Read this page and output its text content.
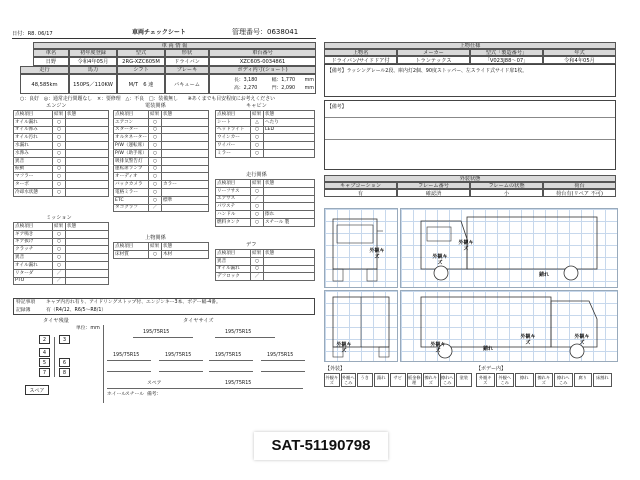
日付：R8. 06/17	車両チェックシート	管理番号：0638041
車 両 情 報
車名	初年度登録	型式	形状	車台番号
日野	令和4年05月	2RG-XZC605M	ドライバン	XZC605-0034861
走行	馬力	シフト	ブレーキ	ボディ内寸(ショート)
48,585km	150PS／110KW	M/T　6 速	バキューム
長：3,180　　　幅：1,770　　mm
高：2,270　　　門：2,090　　mm
○：良好　◎：通常走行問題なし　×：要修理　△：不良　□：装備無し　　※あくまでも目安程度にお考えください
エンジン
点検項目	結果	状態
オイル漏れ	○	
オイル滲み	○	
オイル汚れ	○	
水漏れ	○	
水滲み	○	
異音	○	
振動	○	
マフラー	○	
ターボ	○	
冷却水状態	○	
ミッション
点検項目	結果	状態
ギア鳴き	○	
ギア抜け	○	
クラッチ	○	
異音	○	
オイル漏れ	○	
リターダ	／	
PTO	／	
電装関係
点検項目	結果	状態
エアコン	○	
スターター	○	
オルタネーター	○	
P/W（運転席）	○	
P/W（助手席）	○	
吸排気警告灯	○	
運転席ランプ	○	
オーディオ	○	
バックカメラ	○	カラー
電格ミラー	○	
ETC	○	標準
タコグラフ	／	
上物関係
点検項目	結果	状態
床材質	○	木材
キャビン
点検項目	結果	状態
シート	△	へたり
ヘッドライト	○	LED
ウインカー	○	
ワイパー	○	
ミラー	○	
走行関係
点検項目	結果	状態
リーフサス	○	
エアサス	／	
パワステ	○	
ハンドル	○	擦れ
燃料タンク	○	スチール 製
デフ
点検項目	結果	状態
異音	○	
オイル漏れ	○	
デフロック	／	
特記事項 キャブ内汚れ有り、アイドリングストップ付、エンジンキー3本、ボデー幅-4番。
記録簿	有（R4/12、R6/5〜R8/1）
タイヤ残量
単位：mm
2	3
4
5	6
7	8
スペア
タイヤサイズ
195/75R15	195/75R15
195/75R15	195/75R15	195/75R15	195/75R15
スペア	195/75R15
ホイール
スチール 備考：
上物仕様
上物名	メーカー	型式「製造番号」	年式
ドライバン/サイドドア付	トランテックス	「V023J88～07」	令和4年05月
【備考】ラッシングレール2段、庫内灯2個、90度ストッパー、左スライド式サイド扉1枚。
【備考】
外装状態
キャブコーション	フレーム番号	フレームの状態	荷台
有	確認済	小	荷台有(リペア 不可)
外観キズ
外観キズ
外観キズ
錆れ
外観キズ
外観キズ
外観キズ
外観キズ
錆れ
【外装】
外観キズ
外観へこみ
うき	錆れ	サビ	板金修理
擦れキズ
擦れへこみ
塗装
【ボデー内】
外観キズ
外観へこみ
擦れ	擦れキズ
擦れへこみ
腐り	床割れ
SAT-51190798
